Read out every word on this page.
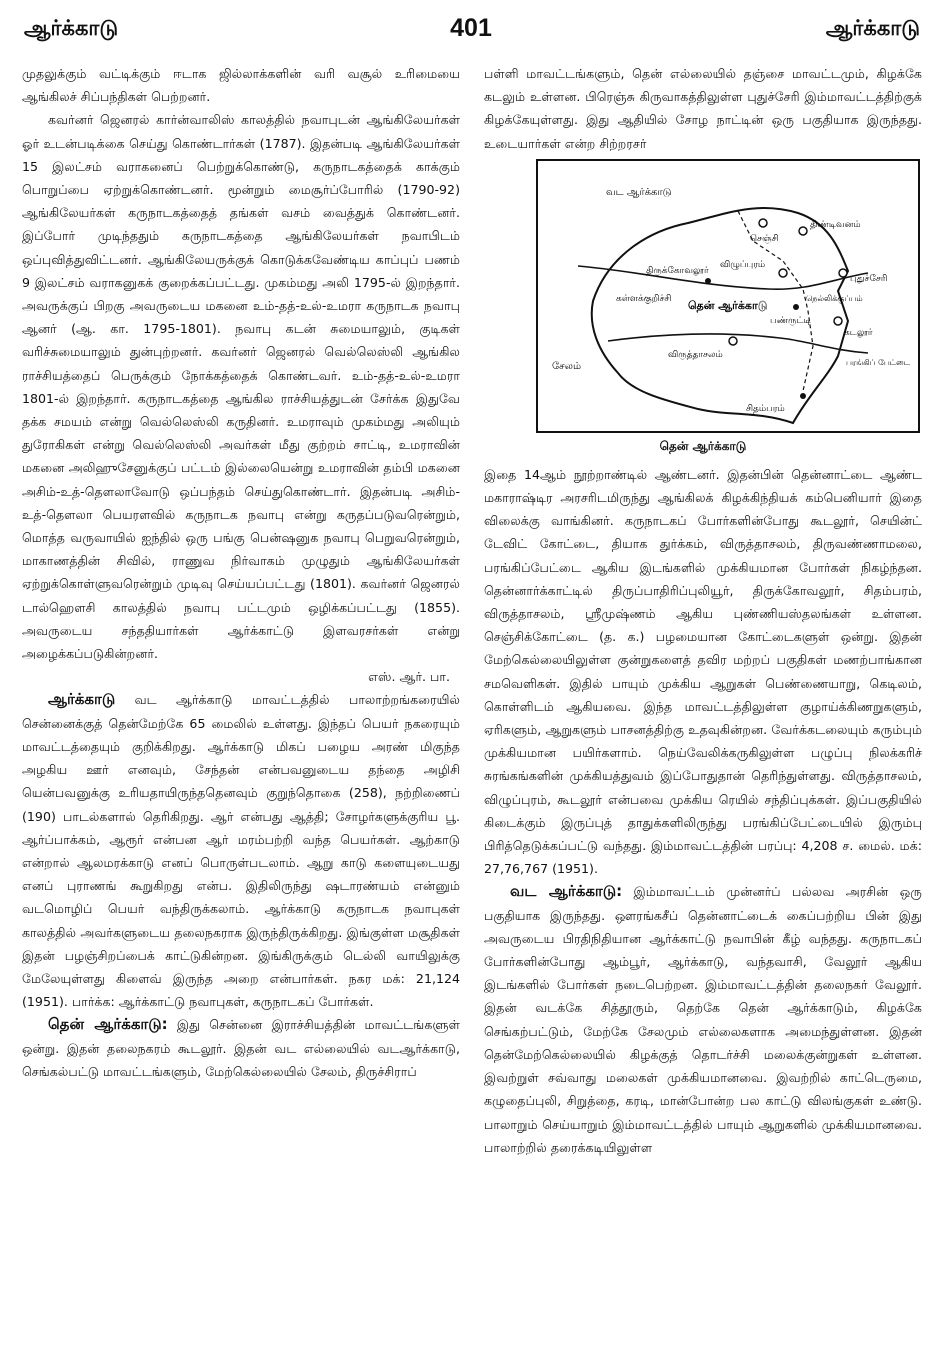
ஆர்க்காடு	401	ஆர்க்காடு

முதலுக்கும் வட்டிக்கும் ஈடாக ஜில்லாக்களின் வரி வசூல் உரிமையை ஆங்கிலச் சிப்பந்திகள் பெற்றனர்.

கவர்னர் ஜெனரல் கார்ன்வாலிஸ் காலத்தில் நவாபுடன் ஆங்கிலேயர்கள் ஓர் உடன்படிக்கை செய்து கொண்டார்கள் (1787). இதன்படி ஆங்கிலேயர்கள் 15 இலட்சம் வராகனைப் பெற்றுக்கொண்டு, கருநாடகத்தைக் காக்கும் பொறுப்பை ஏற்றுக்கொண்டனர். மூன்றும் மைசூர்ப்போரில் (1790-92) ஆங்கிலேயர்கள் கருநாடகத்தைத் தங்கள் வசம் வைத்துக் கொண்டனர். இப்போர் முடிந்ததும் கருநாடகத்தை ஆங்கிலேயர்கள் நவாபிடம் ஒப்புவித்துவிட்டனர். ஆங்கிலேயருக்குக் கொடுக்கவேண்டிய காப்புப் பணம் 9 இலட்சம் வராகனுகக் குறைக்கப்பட்டது. முகம்மது அலி 1795-ல் இறந்தார். அவருக்குப் பிறகு அவருடைய மகனை உம்-தத்-உல்-உமரா கருநாடக நவாபு ஆனர் (ஆ. கா. 1795-1801). நவாபு கடன் சுமையாலும், குடிகள் வரிச்சுமையாலும் துன்புற்றனர். கவர்னர் ஜெனரல் வெல்லெஸ்லி ஆங்கில ராச்சியத்தைப் பெருக்கும் நோக்கத்தைக் கொண்டவர். உம்-தத்-உல்-உமரா 1801-ல் இறந்தார். கருநாடகத்தை ஆங்கில ராச்சியத்துடன் சேர்க்க இதுவே தக்க சமயம் என்று வெல்லெஸ்லி கருதினர். உமராவும் முகம்மது அலியும் துரோகிகள் என்று வெல்லெஸ்லி அவர்கள் மீது குற்றம் சாட்டி, உமராவின் மகனை அலிஹுசேனுக்குப் பட்டம் இல்லையென்று உமராவின் தம்பி மகனை அசிம்-உத்-தௌலாவோடு ஒப்பந்தம் செய்துகொண்டார். இதன்படி அசிம்-உத்-தௌலா பெயரளவில் கருநாடக நவாபு என்று கருதப்படுவரென்றும், மொத்த வருவாயில் ஐந்தில் ஒரு பங்கு பென்ஷனுக நவாபு பெறுவரென்றும், மாகாணத்தின் சிவில், ராணுவ நிர்வாகம் முழுதும் ஆங்கிலேயர்கள் ஏற்றுக்கொள்ளுவரென்றும் முடிவு செய்யப்பட்டது (1801). கவர்னர் ஜெனரல் டால்ஹௌசி காலத்தில் நவாபு பட்டமும் ஒழிக்கப்பட்டது (1855). அவருடைய சந்ததியார்கள் ஆர்க்காட்டு இளவரசர்கள் என்று அழைக்கப்படுகின்றனர்.

எஸ். ஆர். பா.

ஆர்க்காடு வட ஆர்க்காடு மாவட்டத்தில் பாலாற்றங்கரையில் சென்னைக்குத் தென்மேற்கே 65 மைலில் உள்ளது. இந்தப் பெயர் நகரையும் மாவட்டத்தையும் குறிக்கிறது. ஆர்க்காடு மிகப் பழைய அரண் மிகுந்த அழகிய ஊர் எனவும், சேந்தன் என்பவனுடைய தந்தை அழிசி யென்பவனுக்கு உரியதாயிருந்ததெனவும் குறுந்தொகை (258), நற்றிணைப் (190) பாடல்களால் தெரிகிறது. ஆர் என்பது ஆத்தி; சோழர்களுக்குரிய பூ. ஆர்ப்பாக்கம், ஆரூர் என்பன ஆர் மரம்பற்றி வந்த பெயர்கள். ஆற்காடு என்றால் ஆலமரக்காடு எனப் பொருள்படலாம். ஆறு காடு களையுடையது எனப் புராணங் கூறுகிறது என்ப. இதிலிருந்து ஷடாரண்யம் என்னும் வடமொழிப் பெயர் வந்திருக்கலாம். ஆர்க்காடு கருநாடக நவாபுகள் காலத்தில் அவர்களுடைய தலைநகராக இருந்திருக்கிறது. இங்குள்ள மசூதிகள் இதன் பழஞ்சிறப்பைக் காட்டுகின்றன. இங்கிருக்கும் டெல்லி வாயிலுக்கு மேலேயுள்ளது கிளைவ் இருந்த அறை என்பார்கள். நகர மக்: 21,124 (1951). பார்க்க: ஆர்க்காட்டு நவாபுகள், கருநாடகப் போர்கள்.

தென் ஆர்க்காடு: இது சென்னை இராச்சியத்தின் மாவட்டங்களுள் ஒன்று. இதன் தலைநகரம் கூடலூர். இதன் வட எல்லையில் வடஆர்க்காடு, செங்கல்பட்டு மாவட்டங்களும், மேற்கெல்லையில் சேலம், திருச்சிராப்

பள்ளி மாவட்டங்களும், தென் எல்லையில் தஞ்சை மாவட்டமும், கிழக்கே கடலும் உள்ளன. பிரெஞ்சு கிருவாகத்திலுள்ள புதுச்சேரி இம்மாவட்டத்திற்குக் கிழக்கேயுள்ளது. இது ஆதியில் சோழ நாட்டின் ஒரு பகுதியாக இருந்தது. உடையார்கள் என்ற சிற்றரசர்

வட ஆர்க்காடு
செஞ்சி
திண்டிவனம்
திருக்கோவலூர்
விழுப்புரம்
புதுச்சேரி
கள்ளக்குறிச்சி தென் ஆர்க்காடு
பண்ருட்டி
நெல்லிக்குப்பம்
கடலூர்
விருத்தாசலம்
பரங்கிப் பேட்டை
சேலம்
சிதம்பரம்
தென் ஆர்க்காடு

இதை 14ஆம் நூற்றாண்டில் ஆண்டனர். இதன்பின் தென்னாட்டை ஆண்ட மகாராஷ்டிர அரசரிடமிருந்து ஆங்கிலக் கிழக்கிந்தியக் கம்பெனியார் இதை விலைக்கு வாங்கினர். கருநாடகப் போர்களின்போது கூடலூர், செயின்ட் டேவிட் கோட்டை, தியாக துர்க்கம், விருத்தாசலம், திருவண்ணாமலை, பரங்கிப்பேட்டை ஆகிய இடங்களில் முக்கியமான போர்கள் நிகழ்ந்தன. தென்னார்க்காட்டில் திருப்பாதிரிப்புலியூர், திருக்கோவலூர், சிதம்பரம், விருத்தாசலம், ஸ்ரீமுஷ்ணம் ஆகிய புண்ணியஸ்தலங்கள் உள்ளன. செஞ்சிக்கோட்டை (த. க.) பழமையான கோட்டைகளுள் ஒன்று. இதன் மேற்கெல்லையிலுள்ள குன்றுகளைத் தவிர மற்றப் பகுதிகள் மணற்பாங்கான சமவெளிகள். இதில் பாயும் முக்கிய ஆறுகள் பெண்ணையாறு, கெடிலம், கொள்ளிடம் ஆகியவை. இந்த மாவட்டத்திலுள்ள குழாய்க்கிணறுகளும், ஏரிகளும், ஆறுகளும் பாசனத்திற்கு உதவுகின்றன. வேர்க்கடலையும் கரும்பும் முக்கியமான பயிர்களாம். நெய்வேலிக்கருகிலுள்ள பழுப்பு நிலக்கரிச் சுரங்கங்களின் முக்கியத்துவம் இப்போதுதான் தெரிந்துள்ளது. விருத்தாசலம், விழுப்புரம், கூடலூர் என்பவை முக்கிய ரெயில் சந்திப்புக்கள். இப்பகுதியில் கிடைக்கும் இருப்புத் தாதுக்களிலிருந்து பரங்கிப்பேட்டையில் இரும்பு பிரித்தெடுக்கப்பட்டு வந்தது. இம்மாவட்டத்தின் பரப்பு: 4,208 ச. மைல். மக்: 27,76,767 (1951).

வட ஆர்க்காடு: இம்மாவட்டம் முன்னர்ப் பல்லவ அரசின் ஒரு பகுதியாக இருந்தது. ஔரங்கசீப் தென்னாட்டைக் கைப்பற்றிய பின் இது அவருடைய பிரதிநிதியான ஆர்க்காட்டு நவாபின் கீழ் வந்தது. கருநாடகப் போர்களின்போது ஆம்பூர், ஆர்க்காடு, வந்தவாசி, வேலூர் ஆகிய இடங்களில் போர்கள் நடைபெற்றன. இம்மாவட்டத்தின் தலைநகர் வேலூர். இதன் வடக்கே சித்தூரும், தெற்கே தென் ஆர்க்காடும், கிழக்கே செங்கற்பட்டும், மேற்கே சேலமும் எல்லைகளாக அமைந்துள்ளன. இதன் தென்மேற்கெல்லையில் கிழக்குத் தொடர்ச்சி மலைக்குன்றுகள் உள்ளன. இவற்றுள் சவ்வாது மலைகள் முக்கியமானவை. இவற்றில் காட்டெருமை, கழுதைப்புலி, சிறுத்தை, கரடி, மான்போன்ற பல காட்டு விலங்குகள் உண்டு. பாலாறும் செய்யாறும் இம்மாவட்டத்தில் பாயும் ஆறுகளில் முக்கியமானவை. பாலாற்றில் தரைக்கடியிலுள்ள
